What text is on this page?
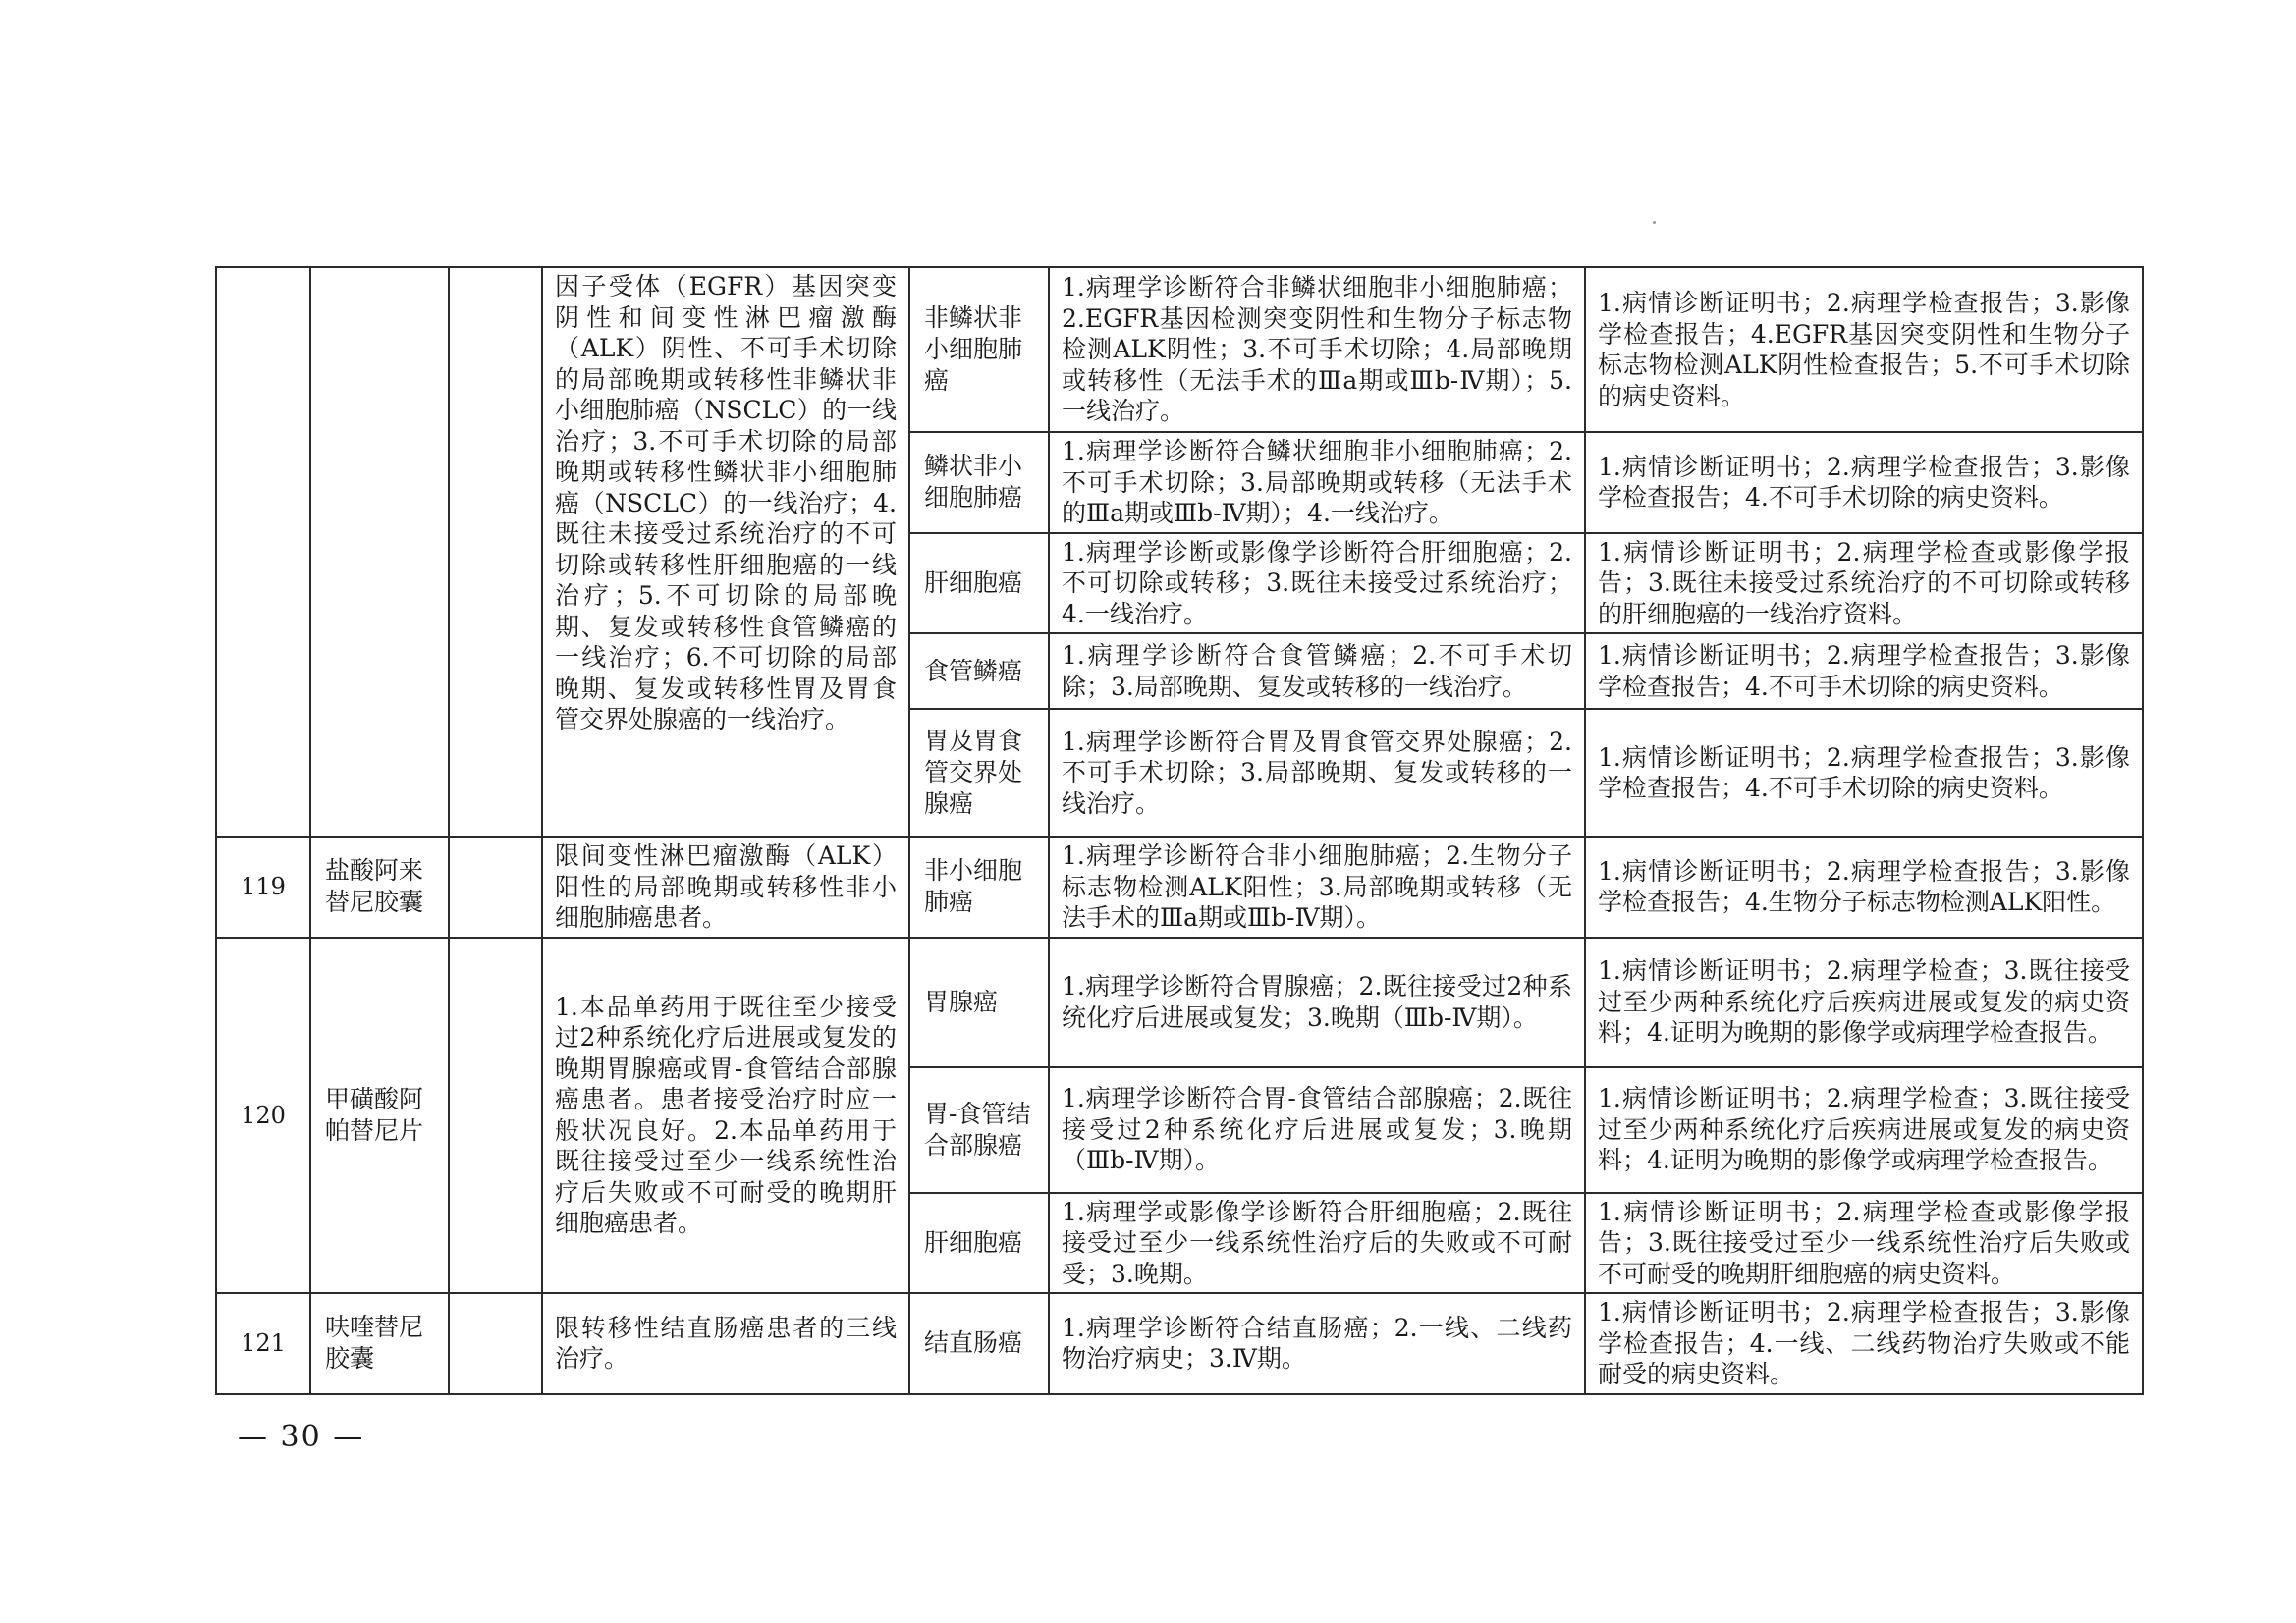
			因子受体（EGFR）基因突变阴性和间变性淋巴瘤激酶（ALK）阴性、不可手术切除的局部晚期或转移性非鳞状非小细胞肺癌（NSCLC）的一线治疗；3.不可手术切除的局部晚期或转移性鳞状非小细胞肺癌（NSCLC）的一线治疗；4.既往未接受过系统治疗的不可切除或转移性肝细胞癌的一线治疗；5.不可切除的局部晚期、复发或转移性食管鳞癌的一线治疗；6.不可切除的局部晚期、复发或转移性胃及胃食管交界处腺癌的一线治疗。	非鳞状非小细胞肺癌	1.病理学诊断符合非鳞状细胞非小细胞肺癌；2.EGFR基因检测突变阴性和生物分子标志物检测ALK阴性；3.不可手术切除；4.局部晚期或转移性（无法手术的Ⅲa期或Ⅲb-Ⅳ期）；5.一线治疗。	1.病情诊断证明书；2.病理学检查报告；3.影像学检查报告；4.EGFR基因突变阴性和生物分子标志物检测ALK阴性检查报告；5.不可手术切除的病史资料。
				鳞状非小细胞肺癌	1.病理学诊断符合鳞状细胞非小细胞肺癌；2.不可手术切除；3.局部晚期或转移（无法手术的Ⅲa期或Ⅲb-Ⅳ期）；4.一线治疗。	1.病情诊断证明书；2.病理学检查报告；3.影像学检查报告；4.不可手术切除的病史资料。
				肝细胞癌	1.病理学诊断或影像学诊断符合肝细胞癌；2.不可切除或转移；3.既往未接受过系统治疗；4.一线治疗。	1.病情诊断证明书；2.病理学检查或影像学报告；3.既往未接受过系统治疗的不可切除或转移的肝细胞癌的一线治疗资料。
				食管鳞癌	1.病理学诊断符合食管鳞癌；2.不可手术切除；3.局部晚期、复发或转移的一线治疗。	1.病情诊断证明书；2.病理学检查报告；3.影像学检查报告；4.不可手术切除的病史资料。
				胃及胃食管交界处腺癌	1.病理学诊断符合胃及胃食管交界处腺癌；2.不可手术切除；3.局部晚期、复发或转移的一线治疗。	1.病情诊断证明书；2.病理学检查报告；3.影像学检查报告；4.不可手术切除的病史资料。
119	盐酸阿来替尼胶囊		限间变性淋巴瘤激酶（ALK）阳性的局部晚期或转移性非小细胞肺癌患者。	非小细胞肺癌	1.病理学诊断符合非小细胞肺癌；2.生物分子标志物检测ALK阳性；3.局部晚期或转移（无法手术的Ⅲa期或Ⅲb-Ⅳ期）。	1.病情诊断证明书；2.病理学检查报告；3.影像学检查报告；4.生物分子标志物检测ALK阳性。
120	甲磺酸阿帕替尼片		1.本品单药用于既往至少接受过2种系统化疗后进展或复发的晚期胃腺癌或胃-食管结合部腺癌患者。患者接受治疗时应一般状况良好。2.本品单药用于既往接受过至少一线系统性治疗后失败或不可耐受的晚期肝细胞癌患者。	胃腺癌	1.病理学诊断符合胃腺癌；2.既往接受过2种系统化疗后进展或复发；3.晚期（Ⅲb-Ⅳ期）。	1.病情诊断证明书；2.病理学检查；3.既往接受过至少两种系统化疗后疾病进展或复发的病史资料；4.证明为晚期的影像学或病理学检查报告。
				胃-食管结合部腺癌	1.病理学诊断符合胃-食管结合部腺癌；2.既往接受过2种系统化疗后进展或复发；3.晚期（Ⅲb-Ⅳ期）。	1.病情诊断证明书；2.病理学检查；3.既往接受过至少两种系统化疗后疾病进展或复发的病史资料；4.证明为晚期的影像学或病理学检查报告。
				肝细胞癌	1.病理学或影像学诊断符合肝细胞癌；2.既往接受过至少一线系统性治疗后的失败或不可耐受；3.晚期。	1.病情诊断证明书；2.病理学检查或影像学报告；3.既往接受过至少一线系统性治疗后失败或不可耐受的晚期肝细胞癌的病史资料。
121	呋喹替尼胶囊		限转移性结直肠癌患者的三线治疗。	结直肠癌	1.病理学诊断符合结直肠癌；2.一线、二线药物治疗病史；3.Ⅳ期。	1.病情诊断证明书；2.病理学检查报告；3.影像学检查报告；4.一线、二线药物治疗失败或不能耐受的病史资料。
— 30 —
